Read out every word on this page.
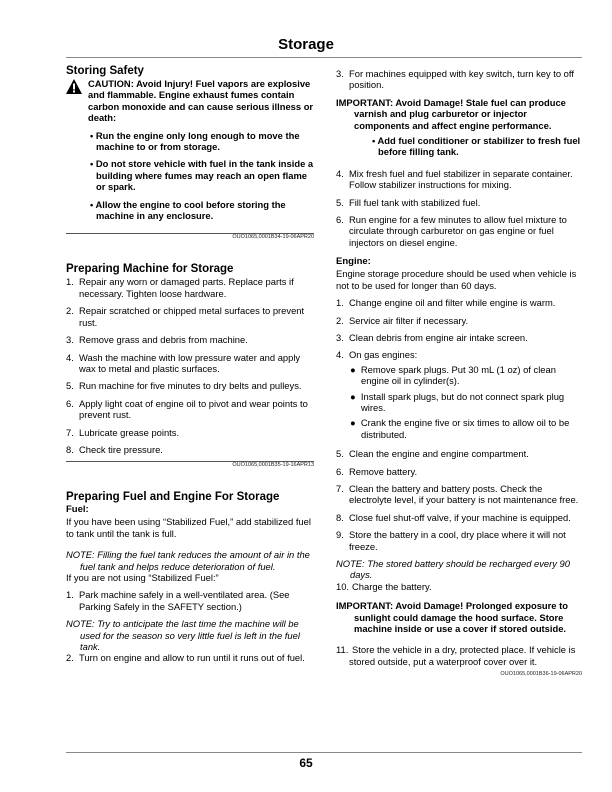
Storage
Storing Safety
CAUTION: Avoid Injury! Fuel vapors are explosive and flammable. Engine exhaust fumes contain carbon monoxide and can cause serious illness or death:
• Run the engine only long enough to move the machine to or from storage.
• Do not store vehicle with fuel in the tank inside a building where fumes may reach an open flame or spark.
• Allow the engine to cool before storing the machine in any enclosure.
OUO1065,0001B34-19-06APR20
Preparing Machine for Storage
1. Repair any worn or damaged parts. Replace parts if necessary. Tighten loose hardware.
2. Repair scratched or chipped metal surfaces to prevent rust.
3. Remove grass and debris from machine.
4. Wash the machine with low pressure water and apply wax to metal and plastic surfaces.
5. Run machine for five minutes to dry belts and pulleys.
6. Apply light coat of engine oil to pivot and wear points to prevent rust.
7. Lubricate grease points.
8. Check tire pressure.
OUO1065,0001B35-19-16APR13
Preparing Fuel and Engine For Storage
Fuel:
If you have been using “Stabilized Fuel,” add stabilized fuel to tank until the tank is full.
NOTE: Filling the fuel tank reduces the amount of air in the fuel tank and helps reduce deterioration of fuel.
If you are not using “Stabilized Fuel:”
1. Park machine safely in a well-ventilated area. (See Parking Safely in the SAFETY section.)
NOTE: Try to anticipate the last time the machine will be used for the season so very little fuel is left in the fuel tank.
2. Turn on engine and allow to run until it runs out of fuel.
3. For machines equipped with key switch, turn key to off position.
IMPORTANT: Avoid Damage! Stale fuel can produce varnish and plug carburetor or injector components and affect engine performance.
• Add fuel conditioner or stabilizer to fresh fuel before filling tank.
4. Mix fresh fuel and fuel stabilizer in separate container. Follow stabilizer instructions for mixing.
5. Fill fuel tank with stabilized fuel.
6. Run engine for a few minutes to allow fuel mixture to circulate through carburetor on gas engine or fuel injectors on diesel engine.
Engine:
Engine storage procedure should be used when vehicle is not to be used for longer than 60 days.
1. Change engine oil and filter while engine is warm.
2. Service air filter if necessary.
3. Clean debris from engine air intake screen.
4. On gas engines:
●  Remove spark plugs. Put 30 mL (1 oz) of clean engine oil in cylinder(s).
●  Install spark plugs, but do not connect spark plug wires.
●  Crank the engine five or six times to allow oil to be distributed.
5. Clean the engine and engine compartment.
6. Remove battery.
7. Clean the battery and battery posts. Check the electrolyte level, if your battery is not maintenance free.
8. Close fuel shut-off valve, if your machine is equipped.
9. Store the battery in a cool, dry place where it will not freeze.
NOTE: The stored battery should be recharged every 90 days.
10. Charge the battery.
IMPORTANT: Avoid Damage! Prolonged exposure to sunlight could damage the hood surface. Store machine inside or use a cover if stored outside.
11. Store the vehicle in a dry, protected place. If vehicle is stored outside, put a waterproof cover over it.
OUO1065,0001B36-19-06APR20
65
